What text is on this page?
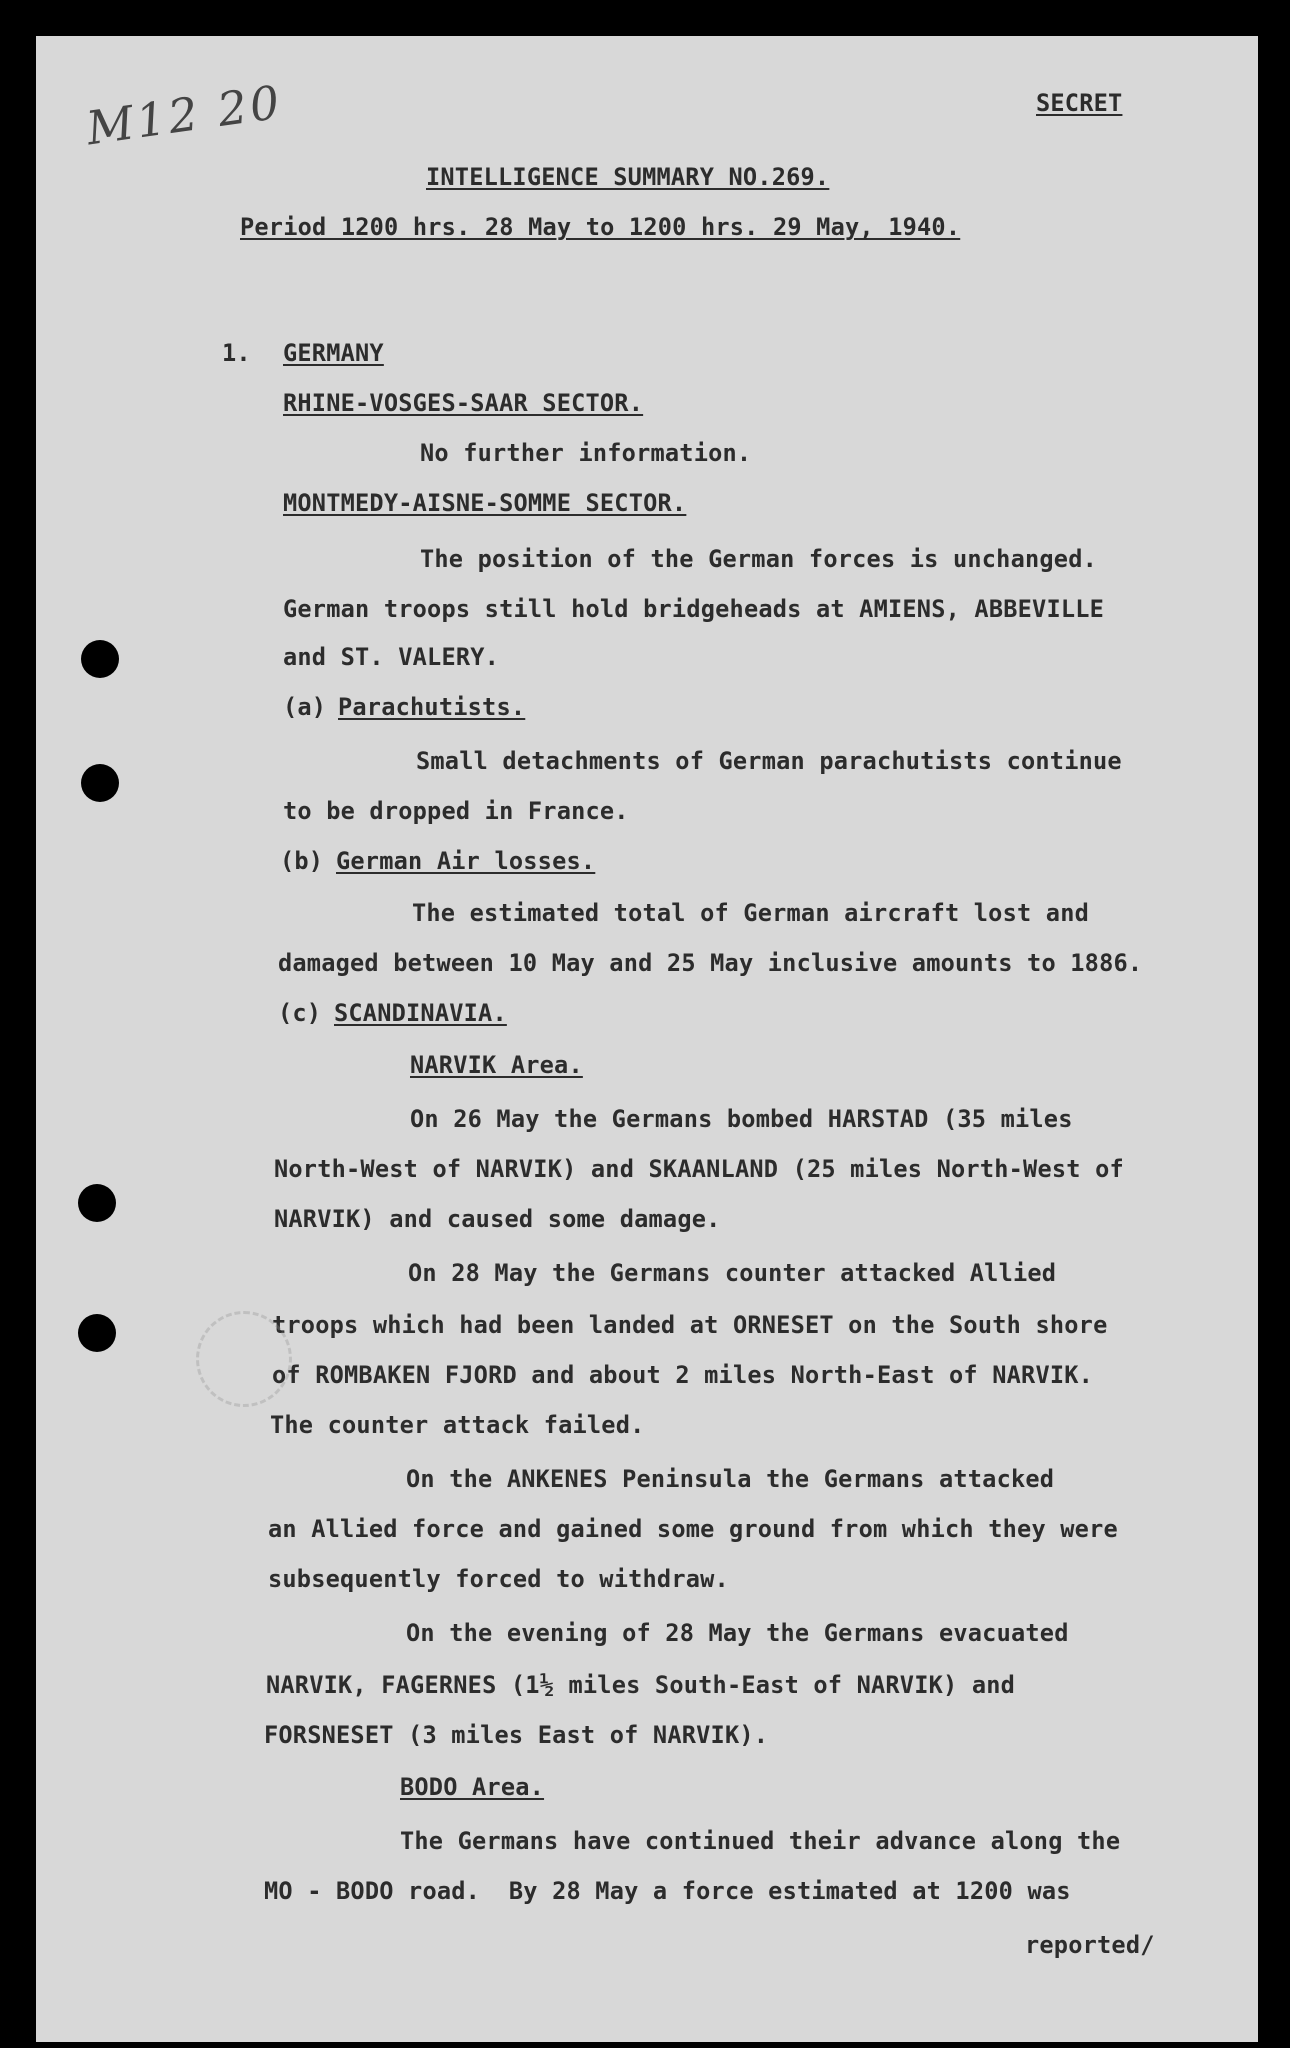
M12 20	SECRET
INTELLIGENCE SUMMARY NO.269.
Period 1200 hrs. 28 May to 1200 hrs. 29 May, 1940.
1. GERMANY
RHINE-VOSGES-SAAR SECTOR.
No further information.
MONTMEDY-AISNE-SOMME SECTOR.
The position of the German forces is unchanged.
German troops still hold bridgeheads at AMIENS, ABBEVILLE
and ST. VALERY.
(a) Parachutists.
Small detachments of German parachutists continue
to be dropped in France.
(b) German Air losses.
The estimated total of German aircraft lost and
damaged between 10 May and 25 May inclusive amounts to 1886.
(c) SCANDINAVIA.
NARVIK Area.
On 26 May the Germans bombed HARSTAD (35 miles
North-West of NARVIK) and SKAANLAND (25 miles North-West of
NARVIK) and caused some damage.
On 28 May the Germans counter attacked Allied
troops which had been landed at ORNESET on the South shore
of ROMBAKEN FJORD and about 2 miles North-East of NARVIK.
The counter attack failed.
On the ANKENES Peninsula the Germans attacked
an Allied force and gained some ground from which they were
subsequently forced to withdraw.
On the evening of 28 May the Germans evacuated
NARVIK, FAGERNES (1½ miles South-East of NARVIK) and
FORSNESET (3 miles East of NARVIK).
BODO Area.
The Germans have continued their advance along the
MO - BODO road.  By 28 May a force estimated at 1200 was
reported/
